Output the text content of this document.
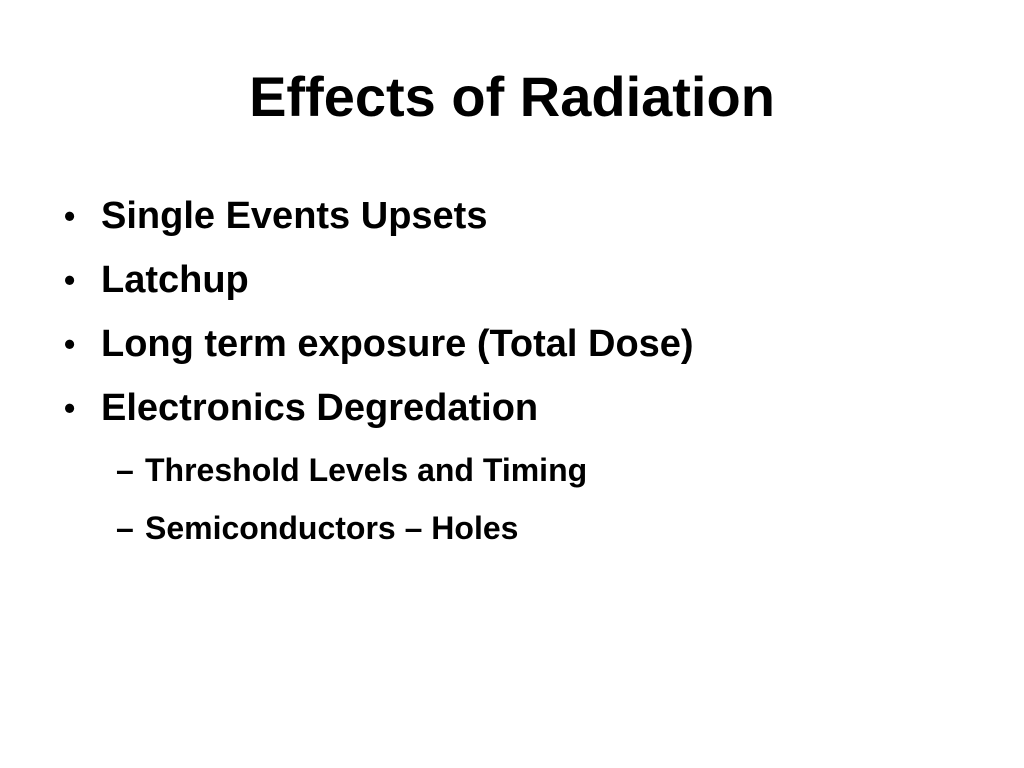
Effects of Radiation
• Single Events Upsets
• Latchup
• Long term exposure (Total Dose)
• Electronics Degredation
– Threshold Levels and Timing
– Semiconductors – Holes
